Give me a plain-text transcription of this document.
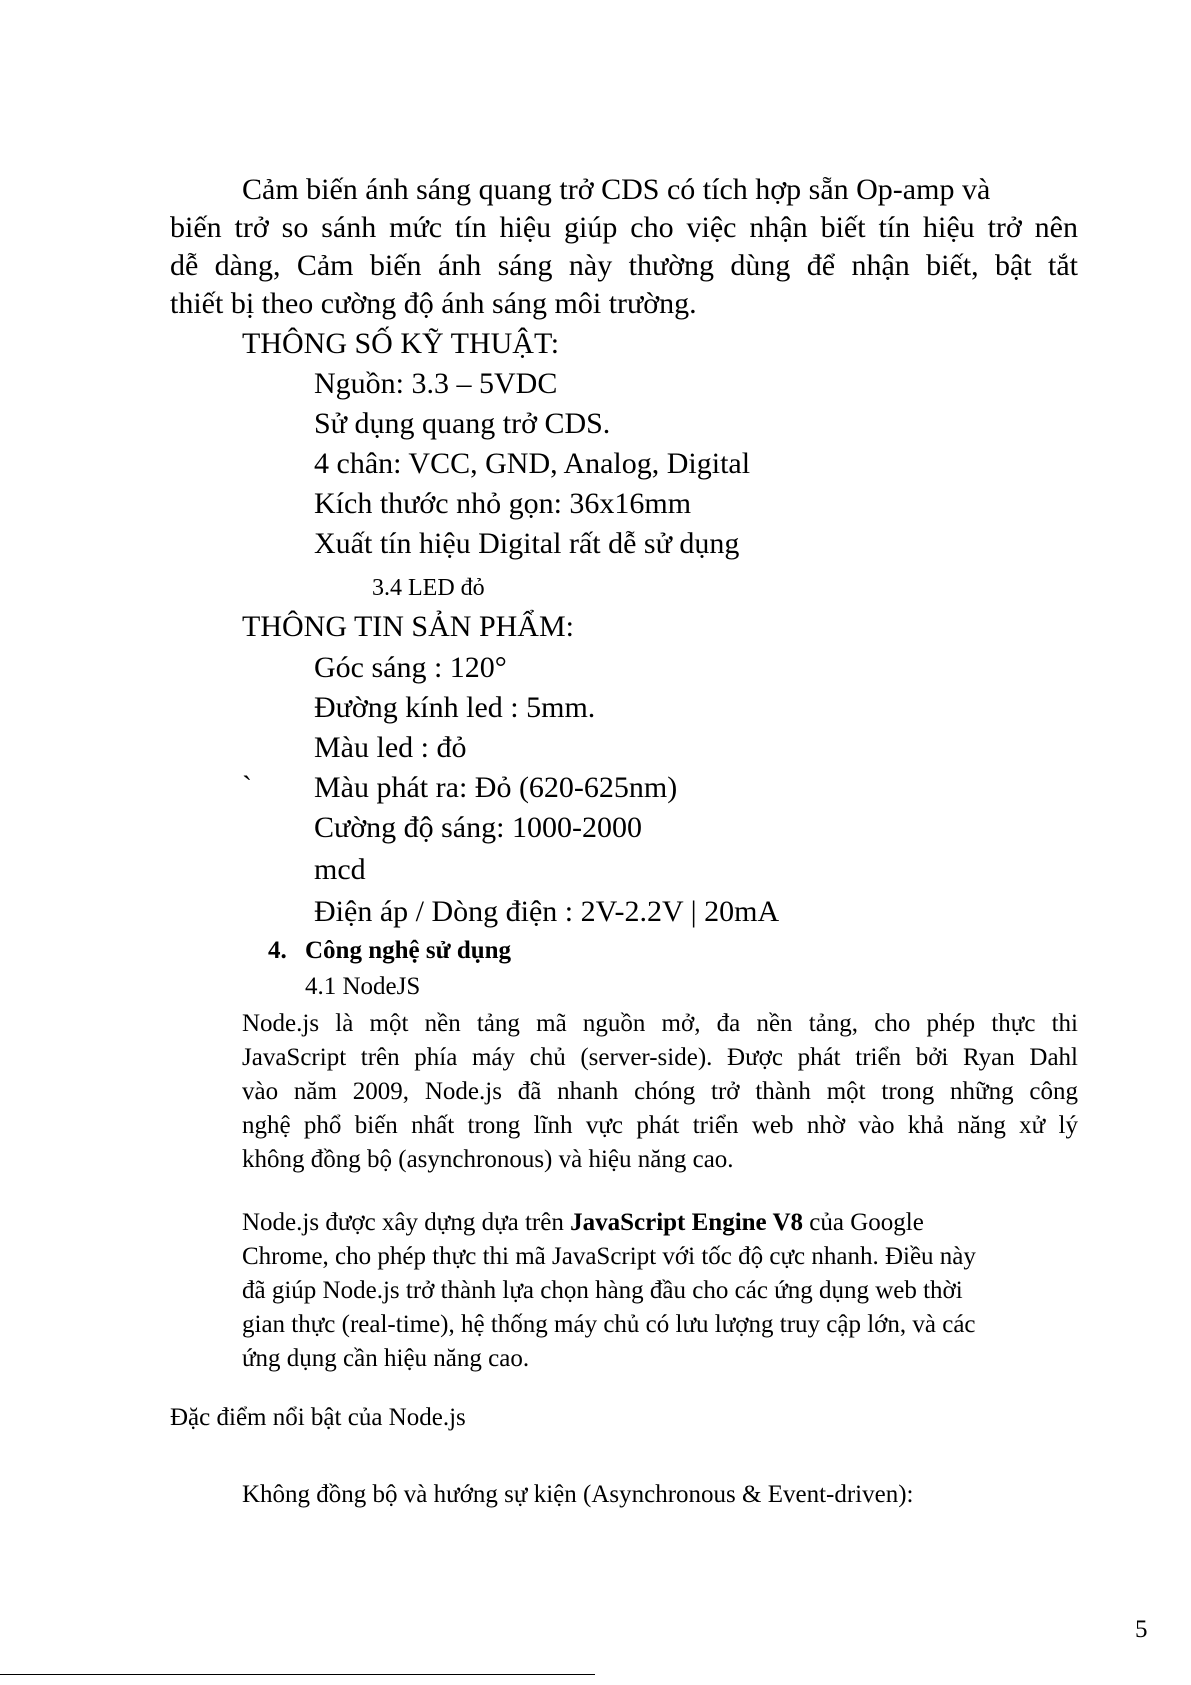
Cảm biến ánh sáng quang trở CDS có tích hợp sẵn Op-amp và
biến trở so sánh mức tín hiệu giúp cho việc nhận biết tín hiệu trở nên
dễ dàng, Cảm biến ánh sáng này thường dùng để nhận biết, bật tắt
thiết bị theo cường độ ánh sáng môi trường.
THÔNG SỐ KỸ THUẬT:
Nguồn: 3.3 – 5VDC
Sử dụng quang trở CDS.
4 chân: VCC, GND, Analog, Digital
Kích thước nhỏ gọn: 36x16mm
Xuất tín hiệu Digital rất dễ sử dụng
3.4 LED đỏ
THÔNG TIN SẢN PHẨM:
Góc sáng : 120°
Đường kính led : 5mm.
Màu led : đỏ
` Màu phát ra: Đỏ (620-625nm)
Cường độ sáng: 1000-2000
mcd
Điện áp / Dòng điện : 2V-2.2V | 20mA
4. Công nghệ sử dụng
4.1 NodeJS
Node.js là một nền tảng mã nguồn mở, đa nền tảng, cho phép thực thi
JavaScript trên phía máy chủ (server-side). Được phát triển bởi Ryan Dahl
vào năm 2009, Node.js đã nhanh chóng trở thành một trong những công
nghệ phổ biến nhất trong lĩnh vực phát triển web nhờ vào khả năng xử lý
không đồng bộ (asynchronous) và hiệu năng cao.
Node.js được xây dựng dựa trên JavaScript Engine V8 của Google
Chrome, cho phép thực thi mã JavaScript với tốc độ cực nhanh. Điều này
đã giúp Node.js trở thành lựa chọn hàng đầu cho các ứng dụng web thời
gian thực (real-time), hệ thống máy chủ có lưu lượng truy cập lớn, và các
ứng dụng cần hiệu năng cao.
Đặc điểm nổi bật của Node.js
Không đồng bộ và hướng sự kiện (Asynchronous & Event-driven):
5
